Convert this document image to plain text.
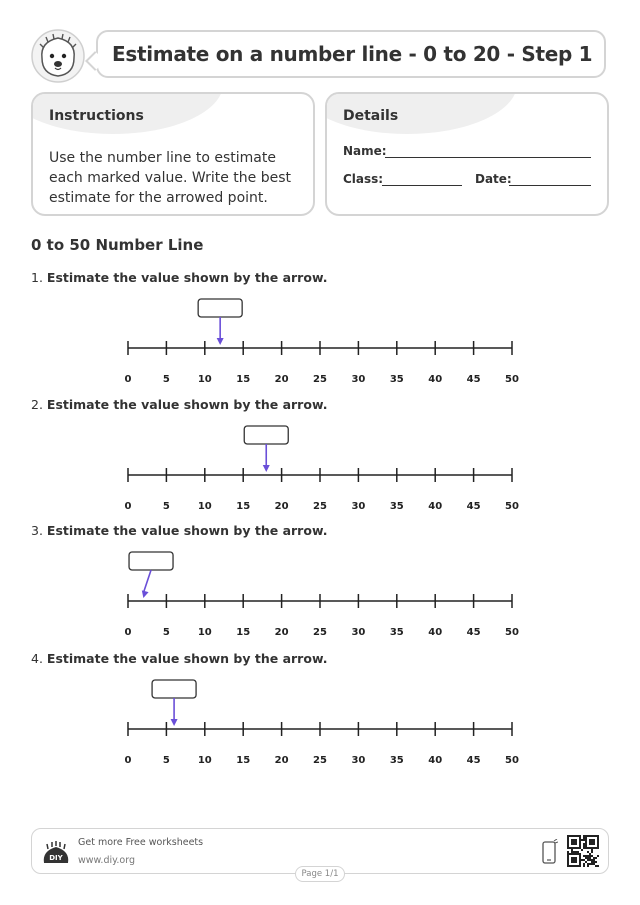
Estimate on a number line - 0 to 20 - Step 1
Instructions
Use the number line to estimate each marked value. Write the best estimate for the arrowed point.
Details
Name:
Class:	Date:
0 to 50 Number Line
1. Estimate the value shown by the arrow.
0	5	10 15 20 25 30 35 40 45 50
2. Estimate the value shown by the arrow.
0	5	10 15 20 25 30 35 40 45 50
3. Estimate the value shown by the arrow.
0	5	10 15 20 25 30 35 40 45 50
4. Estimate the value shown by the arrow.
0	5	10 15 20 25 30 35 40 45 50
DIY
Get more Free worksheets
www.diy.org
Page 1/1
